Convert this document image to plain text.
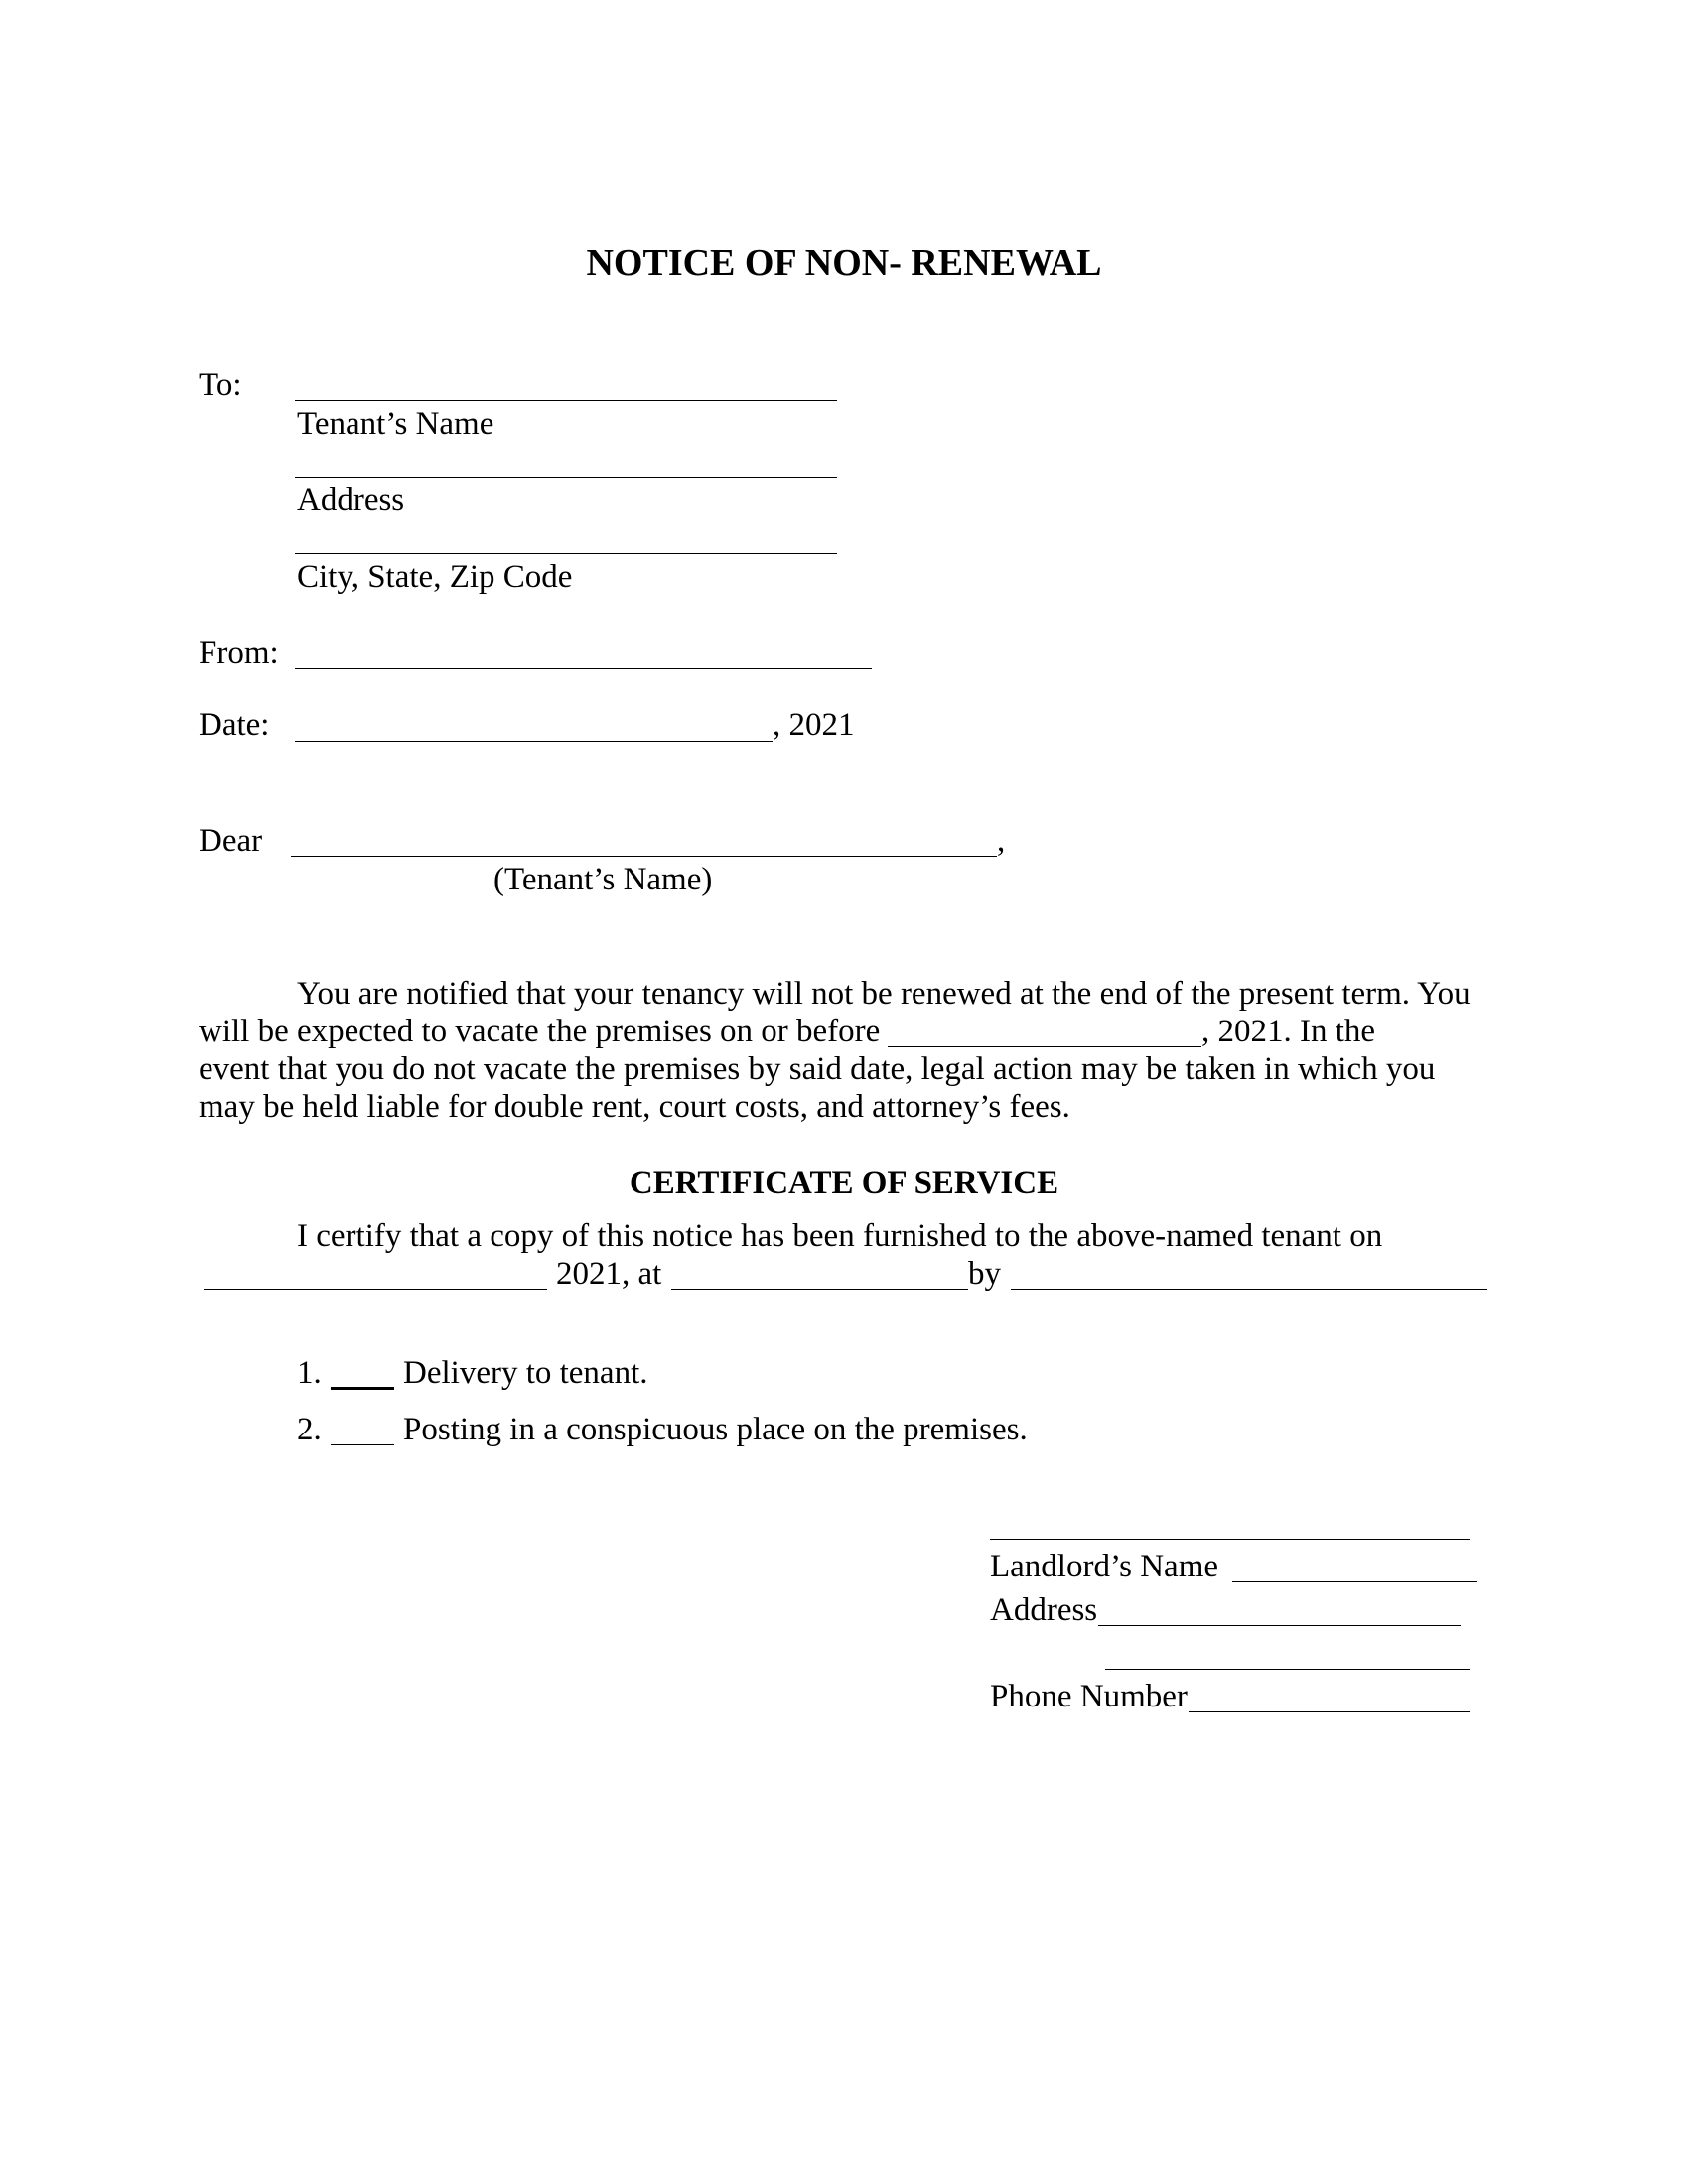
NOTICE OF NON- RENEWAL
To:
Tenant’s Name
Address
City, State, Zip Code
From:
Date:	, 2021
Dear	,
(Tenant’s Name)
You are notified that your tenancy will not be renewed at the end of the present term. You
will be expected to vacate the premises on or before	, 2021. In the
event that you do not vacate the premises by said date, legal action may be taken in which you
may be held liable for double rent, court costs, and attorney’s fees.
CERTIFICATE OF SERVICE
I certify that a copy of this notice has been furnished to the above-named tenant on
2021, at	by
1. Delivery to tenant.
2. Posting in a conspicuous place on the premises.
Landlord’s Name
Address
Phone Number
